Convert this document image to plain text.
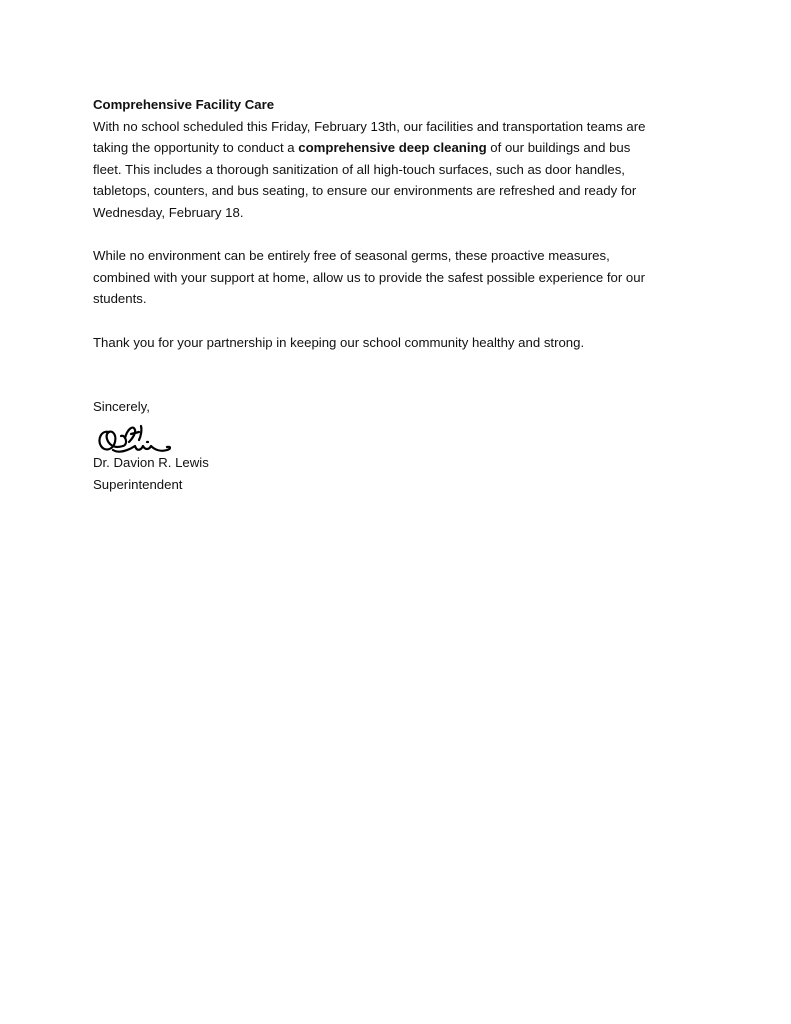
Comprehensive Facility Care
With no school scheduled this Friday, February 13th, our facilities and transportation teams are
taking the opportunity to conduct a comprehensive deep cleaning of our buildings and bus
fleet. This includes a thorough sanitization of all high-touch surfaces, such as door handles,
tabletops, counters, and bus seating, to ensure our environments are refreshed and ready for
Wednesday, February 18.
While no environment can be entirely free of seasonal germs, these proactive measures,
combined with your support at home, allow us to provide the safest possible experience for our
students.
Thank you for your partnership in keeping our school community healthy and strong.
Sincerely,
Dr. Davion R. Lewis
Superintendent
